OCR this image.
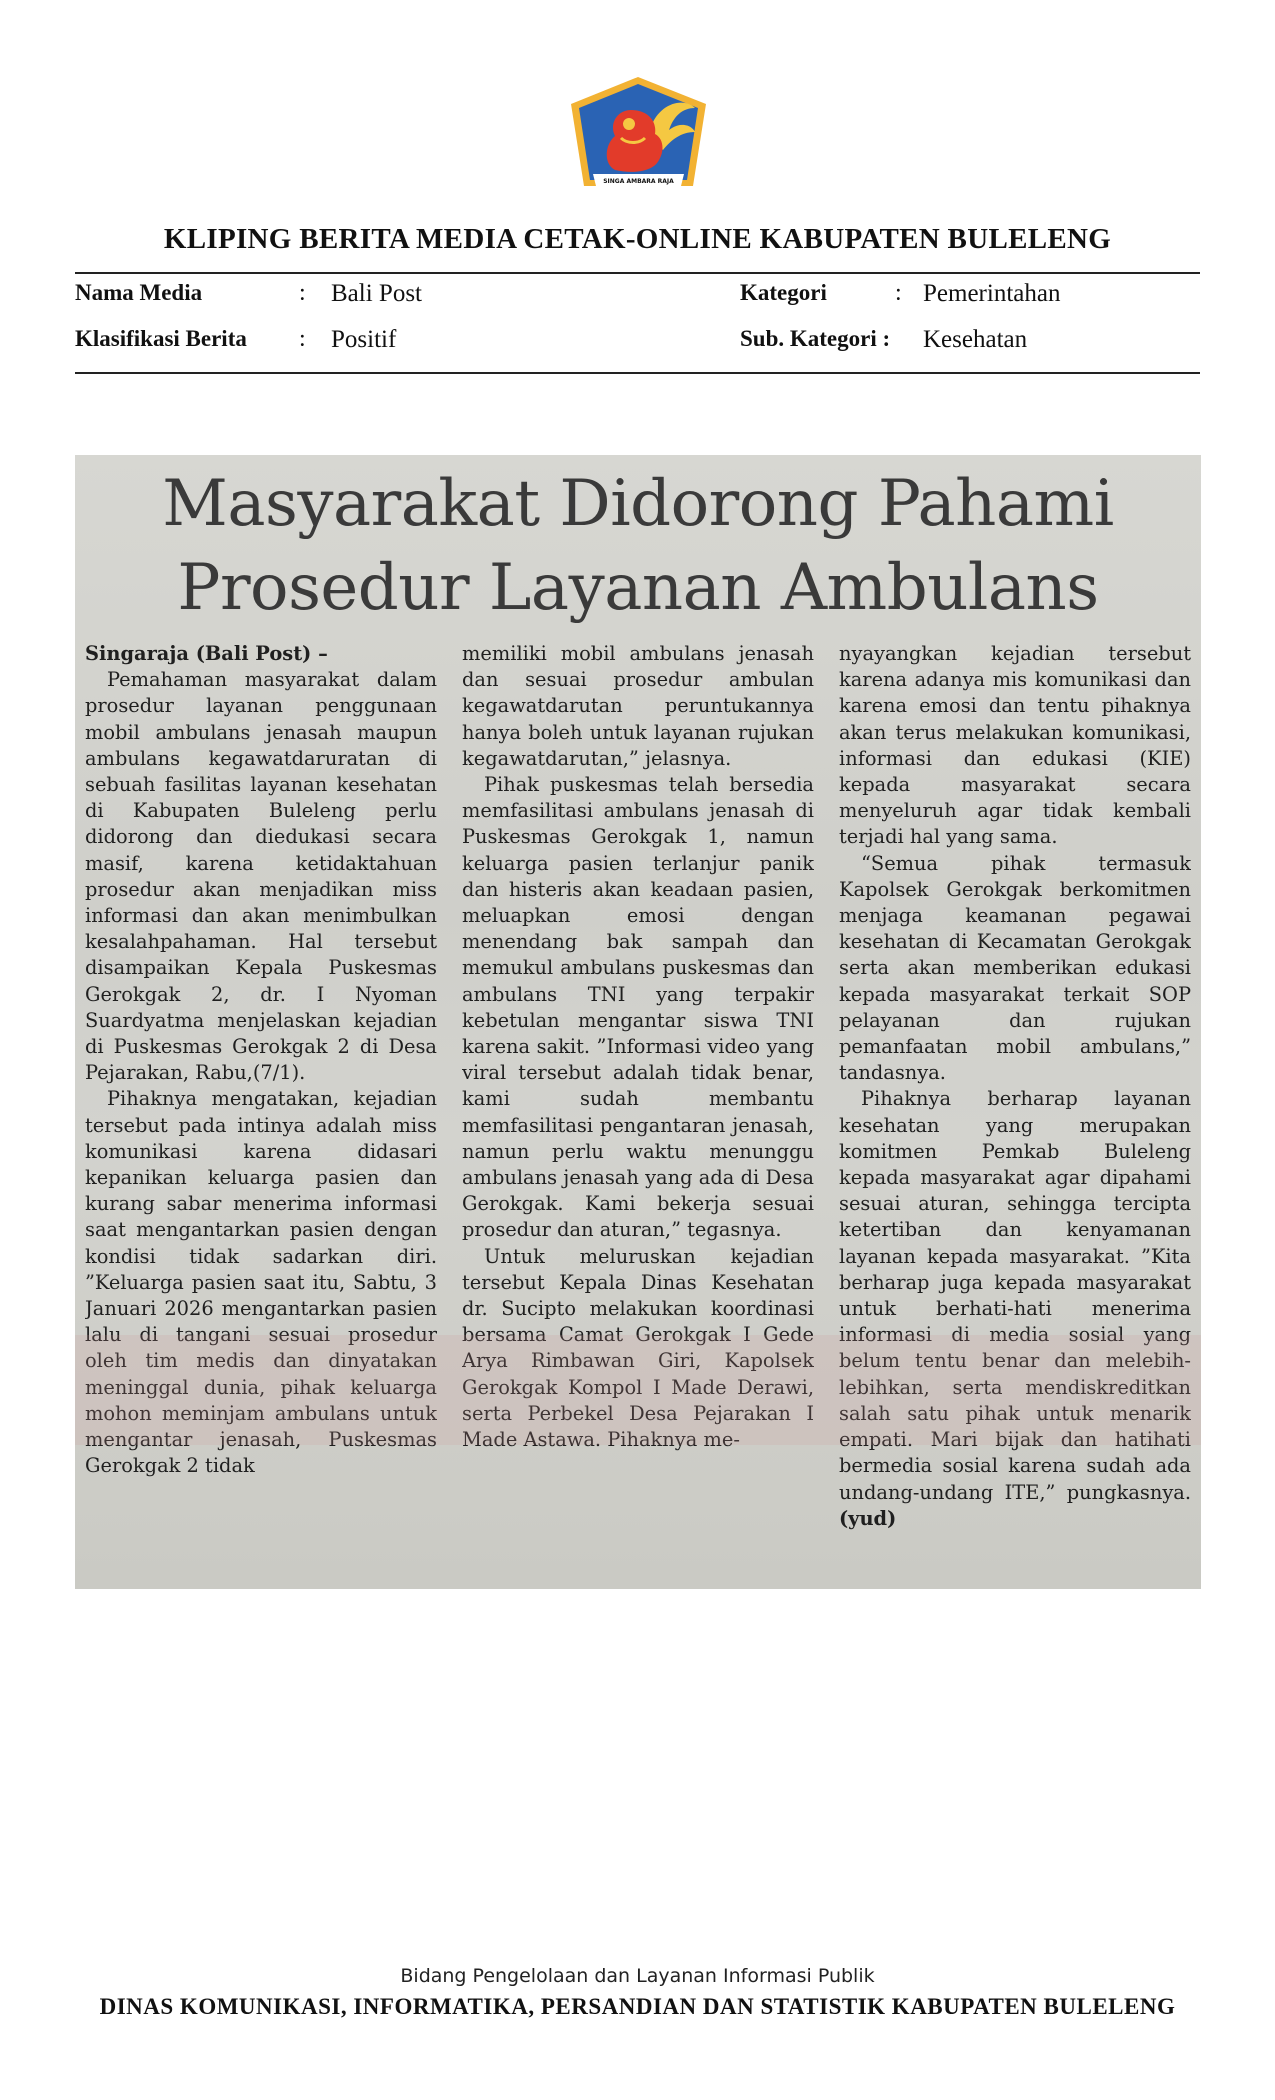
SINGA AMBARA RAJA
KLIPING BERITA MEDIA CETAK-ONLINE KABUPATEN BULELENG
Nama Media	: Bali Post	Kategori	: Pemerintahan
Klasifikasi Berita : Positif	Sub. Kategori : Kesehatan
Masyarakat Didorong Pahami
Prosedur Layanan Ambulans

Singaraja (Bali Post) –

Pemahaman masyarakat dalam prosedur layanan penggunaan mobil ambulans jenasah maupun ambulans kegawatdaruratan di sebuah fasilitas layanan kesehatan di Kabupaten Buleleng perlu didorong dan diedukasi secara masif, karena ketidaktahuan prosedur akan menjadikan miss informasi dan akan menimbulkan kesalahpahaman. Hal tersebut disampaikan Kepala Puskesmas Gerokgak 2, dr. I Nyoman Suardyatma menjelaskan kejadian di Puskesmas Gerokgak 2 di Desa Pejarakan, Rabu,(7/1).

Pihaknya mengatakan, kejadian tersebut pada intinya adalah miss komunikasi karena didasari kepanikan keluarga pasien dan kurang sabar menerima informasi saat mengantarkan pasien dengan kondisi tidak sadarkan diri. ”Keluarga pasien saat itu, Sabtu, 3 Januari 2026 mengantarkan pasien lalu di tangani sesuai prosedur oleh tim medis dan dinyatakan meninggal dunia, pihak keluarga mohon meminjam ambulans untuk mengantar jenasah, Puskesmas Gerokgak 2 tidak

memiliki mobil ambulans jenasah dan sesuai prosedur ambulan kegawatdarutan peruntukannya hanya boleh untuk layanan rujukan kegawatdarutan,” jelasnya.

Pihak puskesmas telah bersedia memfasilitasi ambulans jenasah di Puskesmas Gerokgak 1, namun keluarga pasien terlanjur panik dan histeris akan keadaan pasien, meluapkan emosi dengan menendang bak sampah dan memukul ambulans puskesmas dan ambulans TNI yang terpakir kebetulan mengantar siswa TNI karena sakit. ”Informasi video yang viral tersebut adalah tidak benar, kami sudah membantu memfasilitasi pengantaran jenasah, namun perlu waktu menunggu ambulans jenasah yang ada di Desa Gerokgak. Kami bekerja sesuai prosedur dan aturan,” tegasnya.

Untuk meluruskan kejadian tersebut Kepala Dinas Kesehatan dr. Sucipto melakukan koordinasi bersama Camat Gerokgak I Gede Arya Rimbawan Giri, Kapolsek Gerokgak Kompol I Made Derawi, serta Perbekel Desa Pejarakan I Made Astawa. Pihaknya me-

nyayangkan kejadian tersebut karena adanya mis komunikasi dan karena emosi dan tentu pihaknya akan terus melakukan komunikasi, informasi dan edukasi (KIE) kepada masyarakat secara menyeluruh agar tidak kembali terjadi hal yang sama.

“Semua pihak termasuk Kapolsek Gerokgak berkomitmen menjaga keamanan pegawai kesehatan di Kecamatan Gerokgak serta akan memberikan edukasi kepada masyarakat terkait SOP pelayanan dan rujukan pemanfaatan mobil ambulans,” tandasnya.

Pihaknya berharap layanan kesehatan yang merupakan komitmen Pemkab Buleleng kepada masyarakat agar dipahami sesuai aturan, sehingga tercipta ketertiban dan kenyamanan layanan kepada masyarakat. ”Kita berharap juga kepada masyarakat untuk berhati-hati menerima informasi di media sosial yang belum tentu benar dan melebih-lebihkan, serta mendiskreditkan salah satu pihak untuk menarik empati. Mari bijak dan hatihati bermedia sosial karena sudah ada undang-undang ITE,” pungkasnya. (yud)

Bidang Pengelolaan dan Layanan Informasi Publik
DINAS KOMUNIKASI, INFORMATIKA, PERSANDIAN DAN STATISTIK KABUPATEN BULELENG
